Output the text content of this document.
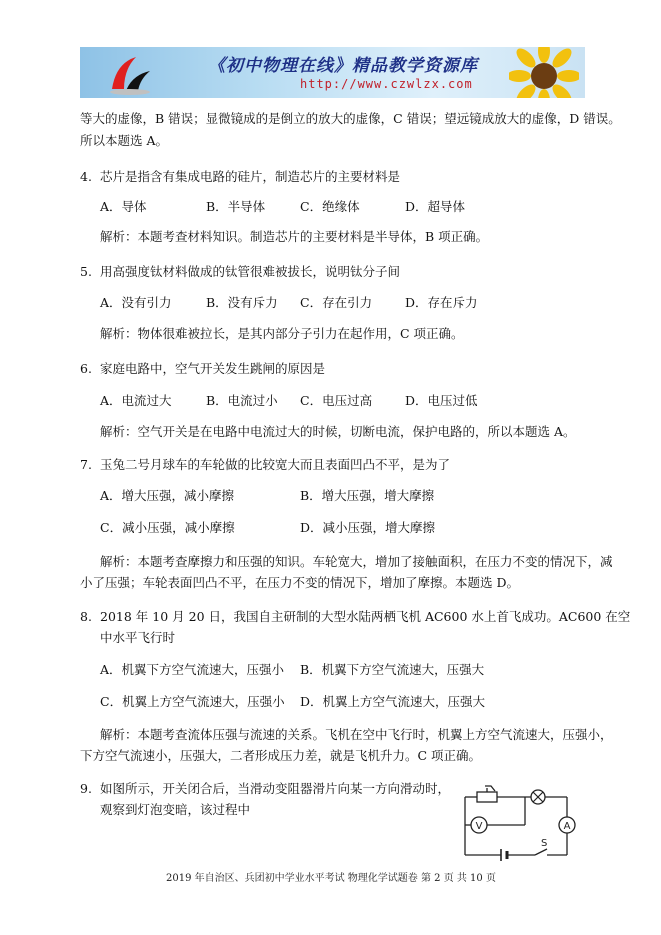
《初中物理在线》精品教学资源库
http://www.czwlzx.com
等大的虚像，B 错误；显微镜成的是倒立的放大的虚像，C 错误；望远镜成放大的虚像，D 错误。
所以本题选 A。
4. 芯片是指含有集成电路的硅片，制造芯片的主要材料是
A．导体	B．半导体	C．绝缘体	D．超导体
解析：本题考查材料知识。制造芯片的主要材料是半导体，B 项正确。
5. 用高强度钛材料做成的钛管很难被拔长，说明钛分子间
A．没有引力	B．没有斥力 C．存在引力	D．存在斥力
解析：物体很难被拉长，是其内部分子引力在起作用，C 项正确。
6. 家庭电路中，空气开关发生跳闸的原因是
A．电流过大	B．电流过小 C．电压过高	D．电压过低
解析：空气开关是在电路中电流过大的时候，切断电流，保护电路的，所以本题选 A。
7. 玉兔二号月球车的车轮做的比较宽大而且表面凹凸不平，是为了
A．增大压强，减小摩擦	B．增大压强，增大摩擦
C．减小压强，减小摩擦	D．减小压强，增大摩擦
解析：本题考查摩擦力和压强的知识。车轮宽大，增加了接触面积，在压力不变的情况下，减
小了压强；车轮表面凹凸不平，在压力不变的情况下，增加了摩擦。本题选 D。
8. 2018 年 10 月 20 日，我国自主研制的大型水陆两栖飞机 AC600 水上首飞成功。AC600 在空
中水平飞行时
A．机翼下方空气流速大，压强小 B．机翼下方空气流速大，压强大
C．机翼上方空气流速大，压强小 D．机翼上方空气流速大，压强大
解析：本题考查流体压强与流速的关系。飞机在空中飞行时，机翼上方空气流速大，压强小，
下方空气流速小，压强大，二者形成压力差，就是飞机升力。C 项正确。
9. 如图所示，开关闭合后，当滑动变阻器滑片向某一方向滑动时，
观察到灯泡变暗，该过程中
V	A
S
2019 年自治区、兵团初中学业水平考试 物理化学试题卷 第 2 页 共 10 页
